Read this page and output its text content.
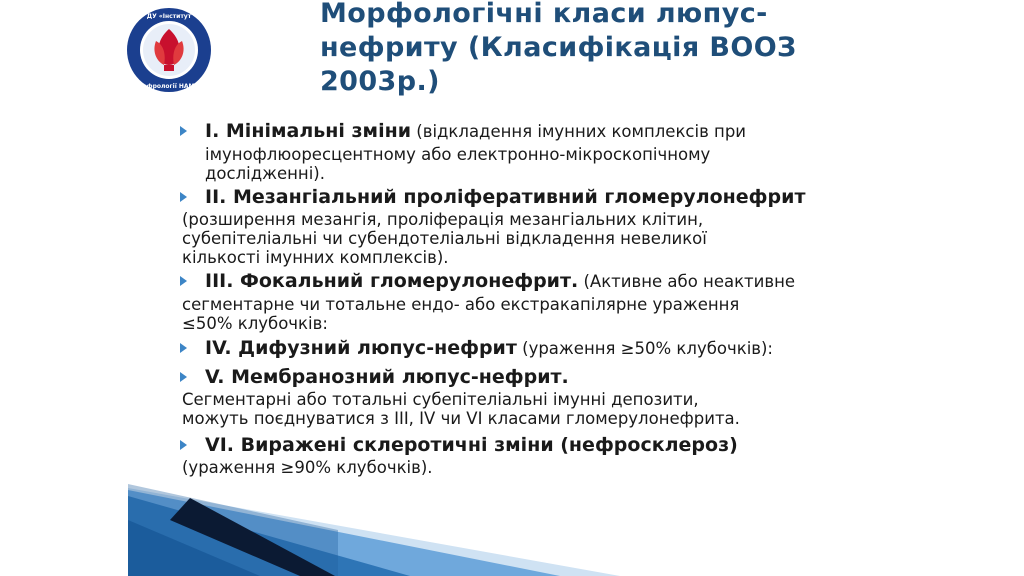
ДУ «Інститут
нефрології НАМН
Морфологічні класи люпус-
нефриту (Класифікація ВООЗ
2003р.)
I. Мінімальні зміни (відкладення імунних комплексів при
імунофлюоресцентному або електронно-мікроскопічному
дослідженні).
II. Мезангіальний проліферативний гломерулонефрит
(розширення мезангія, проліферація мезангіальних клітин,
субепітеліальні чи субендотеліальні відкладення невеликої
кількості імунних комплексів).
III. Фокальний гломерулонефрит. (Активне або неактивне
сегментарне чи тотальне ендо- або екстракапілярне ураження
≤50% клубочків:
IV. Дифузний люпус-нефрит (ураження ≥50% клубочків):
V. Мембранозний люпус-нефрит.
Сегментарні або тотальні субепітеліальні імунні депозити,
можуть поєднуватися з III, IV чи VI класами гломерулонефрита.
VI. Виражені склеротичні зміни (нефросклероз)
(ураження ≥90% клубочків).
